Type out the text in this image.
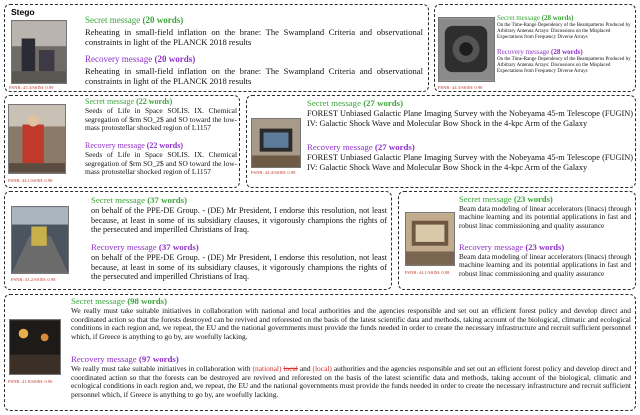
Stego
PSNR: 45.4/SSIM: 0.99
Secret message (20 words)
Reheating in small-field inflation on the brane: The Swampland Criteria and observational constraints in light of the PLANCK 2018 results
Recovery message (20 words)
Reheating in small-field inflation on the brane: The Swampland Criteria and observational constraints in light of the PLANCK 2018 results
PSNR: 44.3/SSIM: 0.98
Secret message (28 words)
On the Time-Range Dependency of the Beampatterns Produced by Arbitrary Antenna Arrays: Discussions on the Misplaced Expectations from Frequency Diverse Arrays
Recovery message (28 words)
On the Time-Range Dependency of the Beampatterns Produced by Arbitrary Antenna Arrays: Discussions on the Misplaced Expectations from Frequency Diverse Arrays
PSNR: 44.1/SSIM: 0.98
Secret message (22 words)
Seeds of Life in Space SOLIS. IX. Chemical segregation of $rm SO_2$ and SO toward the low-mass protostellar shocked region of L1157
Recovery message (22 words)
Seeds of Life in Space SOLIS. IX. Chemical segregation of $rm SO_2$ and SO toward the low-mass protostellar shocked region of L1157	PSNR: 44.4/SSIM: 0.98
Secret message (27 words)
FOREST Unbiased Galactic Plane Imaging Survey with the Nobeyama 45-m Telescope (FUGIN) IV: Galactic Shock Wave and Molecular Bow Shock in the 4-kpc Arm of the Galaxy
Recovery message (27 words)
FOREST Unbiased Galactic Plane Imaging Survey with the Nobeyama 45-m Telescope (FUGIN) IV: Galactic Shock Wave and Molecular Bow Shock in the 4-kpc Arm of the Galaxy
PSNR: 43.2/SSIM: 0.98
Secret message (37 words)
on behalf of the PPE-DE Group. - (DE) Mr President, I endorse this resolution, not least because, at least in some of its subsidiary clauses, it vigorously champions the rights of the persecuted and imperilled Christians of Iraq.
Recovery message (37 words)
on behalf of the PPE-DE Group. - (DE) Mr President, I endorse this resolution, not least because, at least in some of its subsidiary clauses, it vigorously champions the rights of the persecuted and imperilled Christians of Iraq.	PSNR: 44.1/SSIM: 0.98
Secret message (23 words)
Beam data modeling of linear accelerators (linacs) through machine learning and its potential applications in fast and robust linac commissioning and quality assurance
Recovery message (23 words)
Beam data modeling of linear accelerators (linacs) through machine learning and its potential applications in fast and robust linac commissioning and quality assurance
PSNR: 41.8/SSIM: 0.96
Secret message (98 words)
We really must take suitable initiatives in collaboration with national and local authorities and the agencies responsible and set out an efficient forest policy and develop direct and coordinated action so that the forests destroyed can be revived and reforested on the basis of the latest scientific data and methods, taking account of the biological, climatic and ecological conditions in each region and, we repeat, the EU and the national governments must provide the funds needed in order to create the necessary infrastructure and recruit sufficient personnel which, if Greece is anything to go by, are woefully lacking.
Recovery message (97 words)
We really must take suitable initiatives in collaboration with (national) local and (local) authorities and the agencies responsible and set out an efficient forest policy and develop direct and coordinated action so that the forests can be destroyed are revived and reforested on the basis of the latest scientific data and methods, taking account of the biological, climatic and ecological conditions in each region and, we repeat, the EU and the national governments must provide the funds needed in order to create the necessary infrastructure and recruit sufficient personnel which, if Greece is anything to go by, are woefully lacking.
